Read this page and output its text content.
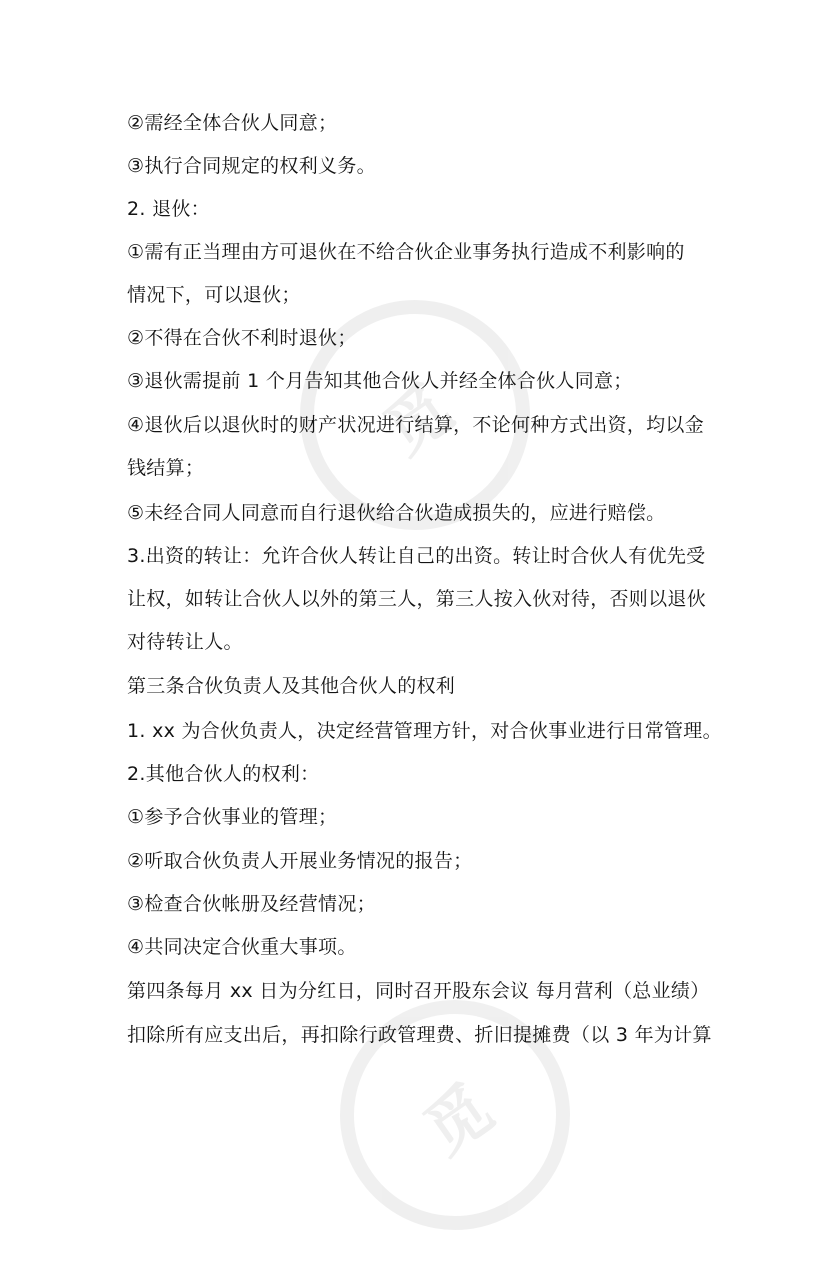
觅
觅
②需经全体合伙人同意；
③执行合同规定的权利义务。
2. 退伙：
①需有正当理由方可退伙在不给合伙企业事务执行造成不利影响的
情况下，可以退伙；
②不得在合伙不利时退伙；
③退伙需提前 1 个月告知其他合伙人并经全体合伙人同意；
④退伙后以退伙时的财产状况进行结算，不论何种方式出资，均以金
钱结算；
⑤未经合同人同意而自行退伙给合伙造成损失的，应进行赔偿。
3.出资的转让：允许合伙人转让自己的出资。转让时合伙人有优先受
让权，如转让合伙人以外的第三人，第三人按入伙对待，否则以退伙
对待转让人。
第三条合伙负责人及其他合伙人的权利
1. xx 为合伙负责人，决定经营管理方针，对合伙事业进行日常管理。
2.其他合伙人的权利：
①参予合伙事业的管理；
②听取合伙负责人开展业务情况的报告；
③检查合伙帐册及经营情况；
④共同决定合伙重大事项。
第四条每月 xx 日为分红日，同时召开股东会议 每月营利（总业绩）
扣除所有应支出后，再扣除行政管理费、折旧提摊费（以 3 年为计算
